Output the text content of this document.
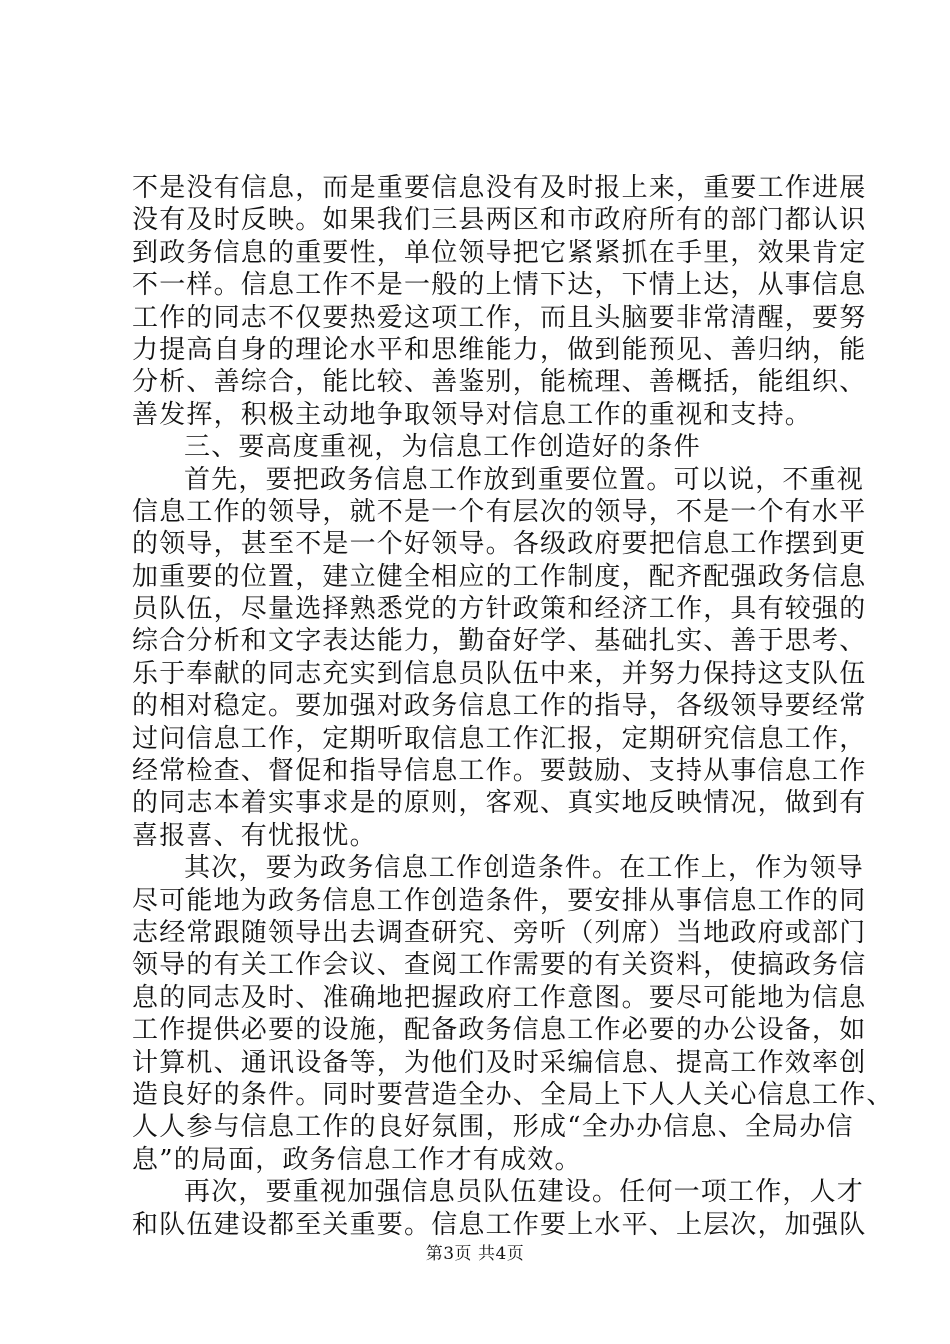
不是没有信息，而是重要信息没有及时报上来，重要工作进展
没有及时反映。如果我们三县两区和市政府所有的部门都认识
到政务信息的重要性，单位领导把它紧紧抓在手里，效果肯定
不一样。信息工作不是一般的上情下达，下情上达，从事信息
工作的同志不仅要热爱这项工作，而且头脑要非常清醒，要努
力提高自身的理论水平和思维能力，做到能预见、善归纳，能
分析、善综合，能比较、善鉴别，能梳理、善概括，能组织、
善发挥，积极主动地争取领导对信息工作的重视和支持。
三、要高度重视，为信息工作创造好的条件
首先，要把政务信息工作放到重要位置。可以说，不重视
信息工作的领导，就不是一个有层次的领导，不是一个有水平
的领导，甚至不是一个好领导。各级政府要把信息工作摆到更
加重要的位置，建立健全相应的工作制度，配齐配强政务信息
员队伍，尽量选择熟悉党的方针政策和经济工作，具有较强的
综合分析和文字表达能力，勤奋好学、基础扎实、善于思考、
乐于奉献的同志充实到信息员队伍中来，并努力保持这支队伍
的相对稳定。要加强对政务信息工作的指导，各级领导要经常
过问信息工作，定期听取信息工作汇报，定期研究信息工作，
经常检查、督促和指导信息工作。要鼓励、支持从事信息工作
的同志本着实事求是的原则，客观、真实地反映情况，做到有
喜报喜、有忧报忧。
其次，要为政务信息工作创造条件。在工作上，作为领导
尽可能地为政务信息工作创造条件，要安排从事信息工作的同
志经常跟随领导出去调查研究、旁听（列席）当地政府或部门
领导的有关工作会议、查阅工作需要的有关资料，使搞政务信
息的同志及时、准确地把握政府工作意图。要尽可能地为信息
工作提供必要的设施，配备政务信息工作必要的办公设备，如
计算机、通讯设备等，为他们及时采编信息、提高工作效率创
造良好的条件。同时要营造全办、全局上下人人关心信息工作、
人人参与信息工作的良好氛围，形成“全办办信息、全局办信
息”的局面，政务信息工作才有成效。
再次，要重视加强信息员队伍建设。任何一项工作，人才
和队伍建设都至关重要。信息工作要上水平、上层次，加强队
第3页 共4页
